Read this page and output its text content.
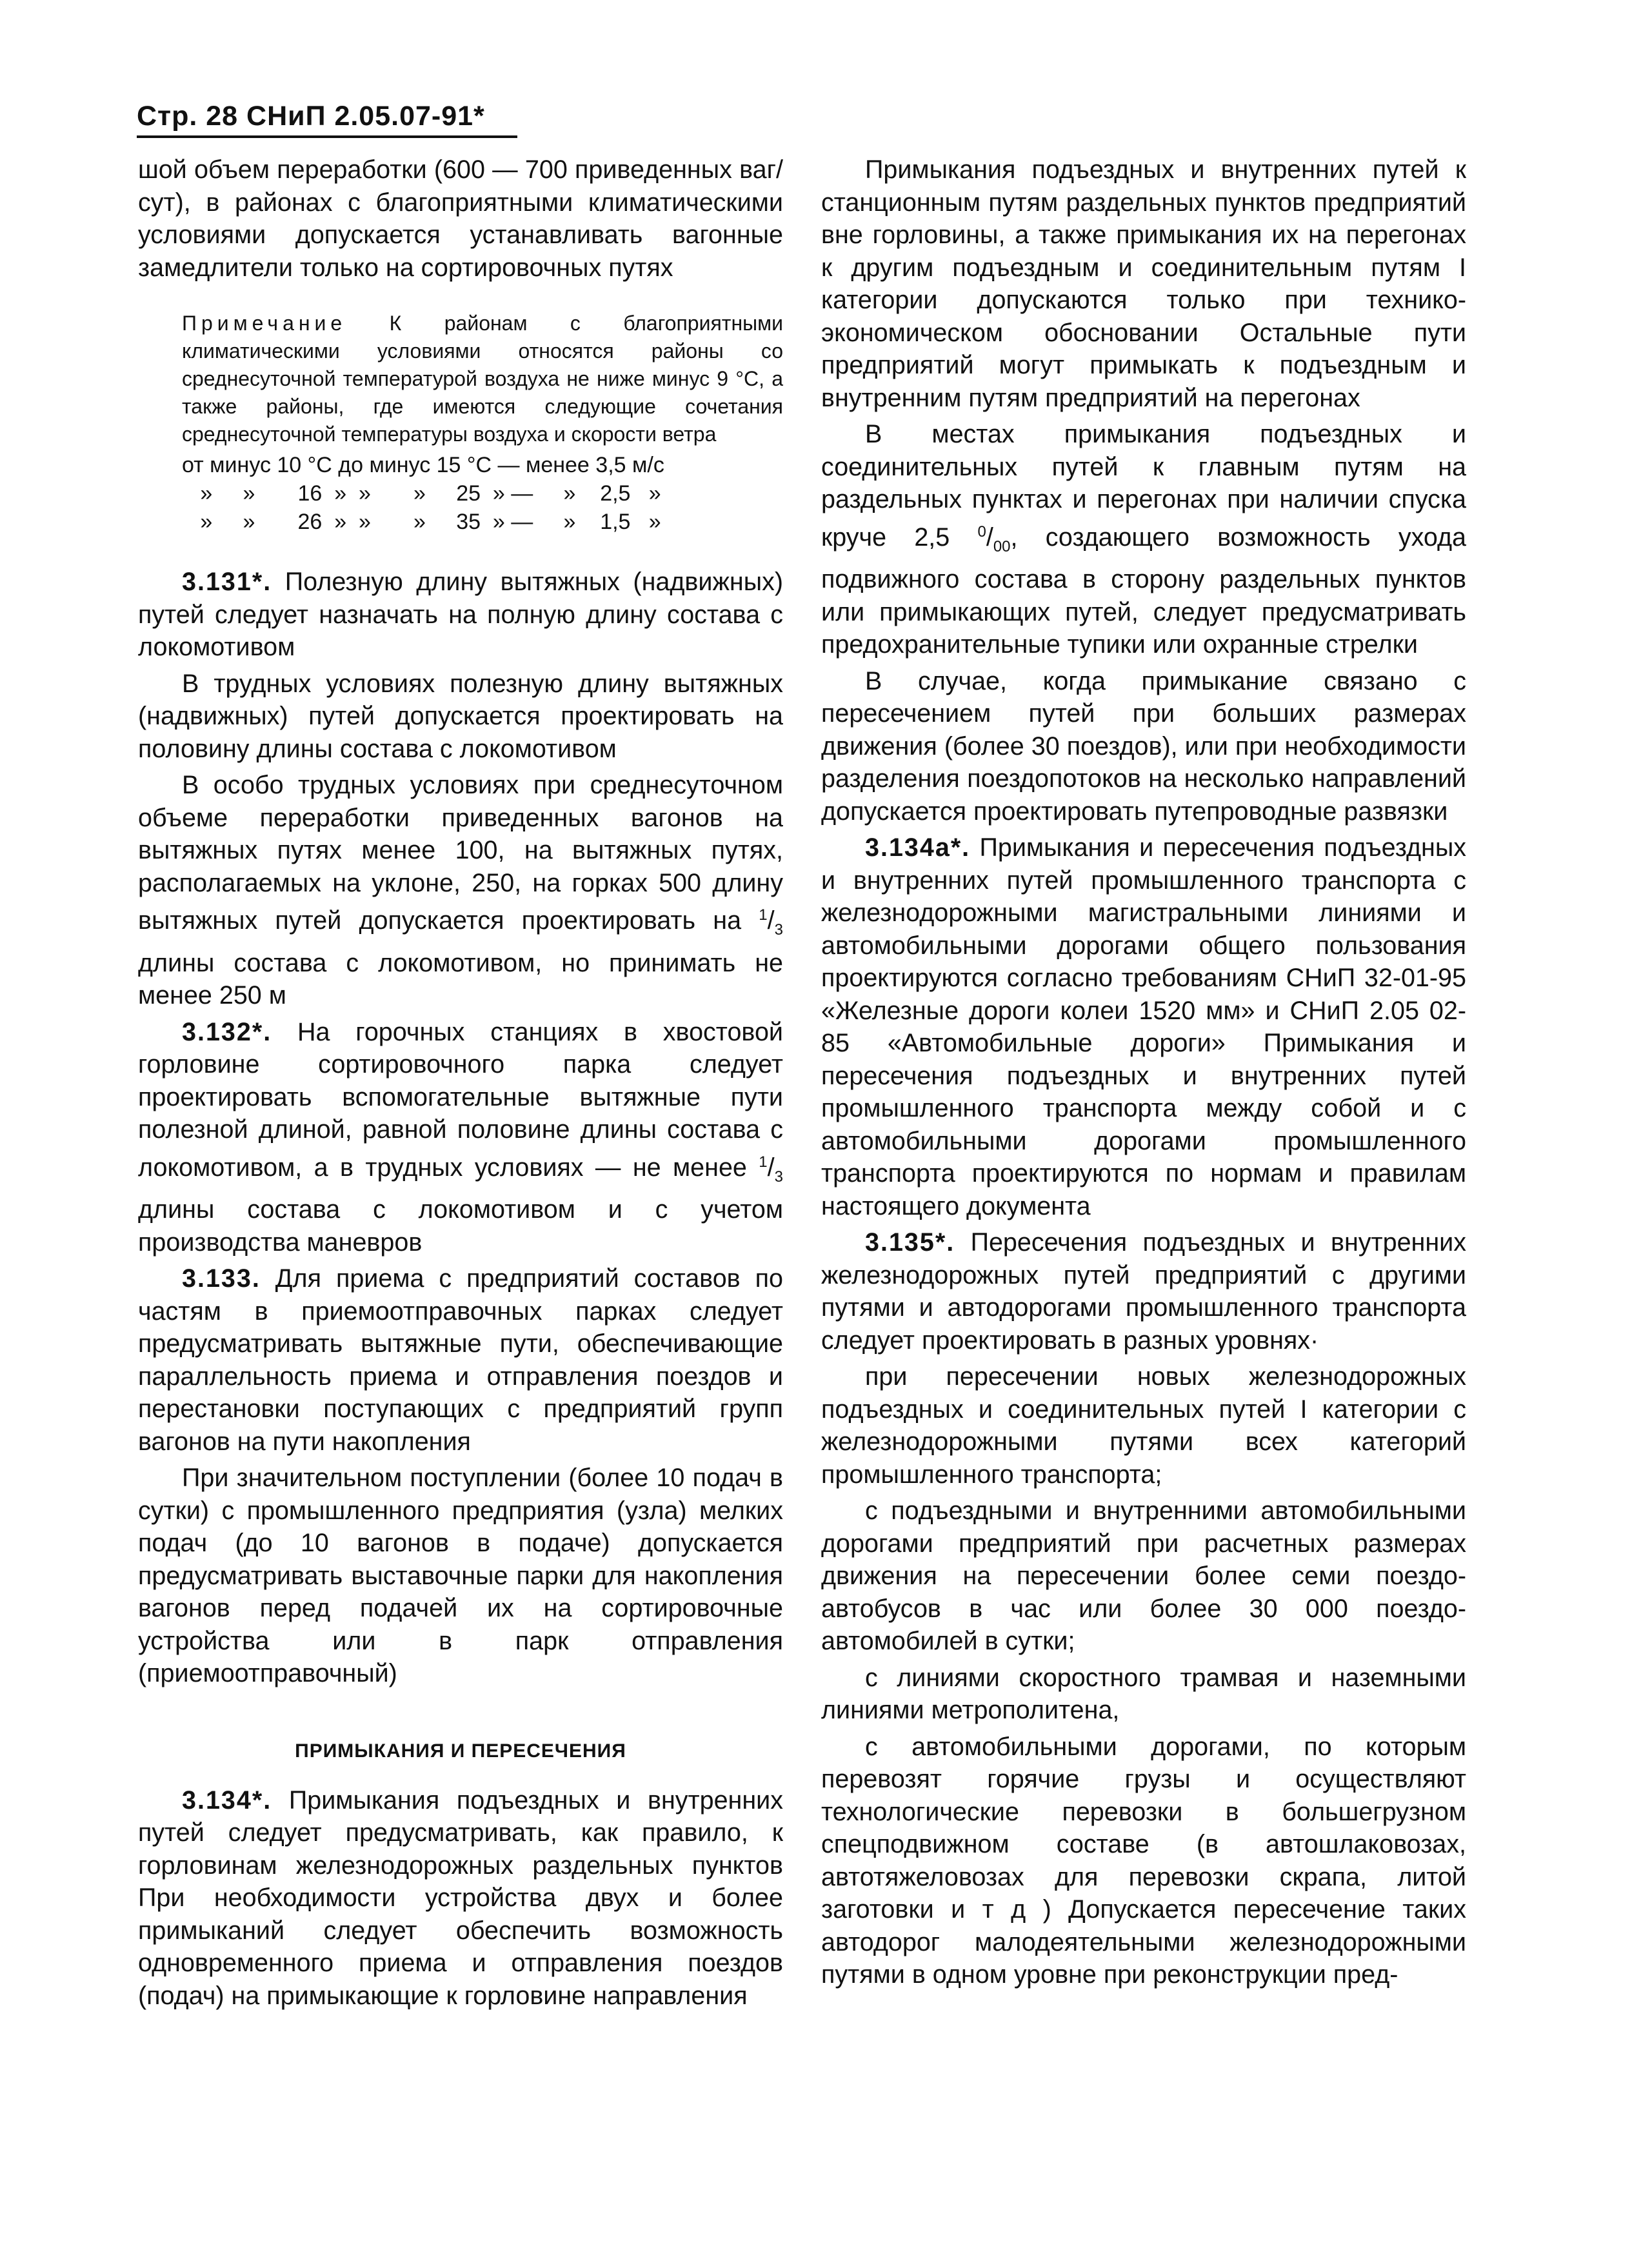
Стр. 28 СНиП 2.05.07-91*

шой объем переработки (600 — 700 приведенных ваг/сут), в районах с благоприятными климатическими условиями допускается устанавливать вагонные замедлители только на сортировочных путях

Примечание К районам с благоприятными климатическими условиями относятся районы со среднесуточной температурой воздуха не ниже минус 9 °С, а также районы, где имеются следующие сочетания среднесуточной температуры воздуха и скорости ветра
от минус 10 °С до минус 15 °С — менее 3,5 м/с
»     »       16  »  »       »     25  » —     »    2,5   »
»     »       26  »  »       »     35  » —     »    1,5   »

3.131*. Полезную длину вытяжных (надвижных) путей следует назначать на полную длину состава с локомотивом

В трудных условиях полезную длину вытяжных (надвижных) путей допускается проектировать на половину длины состава с локомотивом

В особо трудных условиях при среднесуточном объеме переработки приведенных вагонов на вытяжных путях менее 100, на вытяжных путях, располагаемых на уклоне, 250, на горках 500 длину вытяжных путей допускается проектировать на $^1/_3$ длины состава с локомотивом, но принимать не менее 250 м

3.132*. На горочных станциях в хвостовой горловине сортировочного парка следует проектировать вспомогательные вытяжные пути полезной длиной, равной половине длины состава с локомотивом, а в трудных условиях — не менее $^1/_3$ длины состава с локомотивом и с учетом производства маневров

3.133. Для приема с предприятий составов по частям в приемоотправочных парках следует предусматривать вытяжные пути, обеспечивающие параллельность приема и отправления поездов и перестановки поступающих с предприятий групп вагонов на пути накопления

При значительном поступлении (более 10 подач в сутки) с промышленного предприятия (узла) мелких подач (до 10 вагонов в подаче) допускается предусматривать выставочные парки для накопления вагонов перед подачей их на сортировочные устройства или в парк отправления (приемоотправочный)

ПРИМЫКАНИЯ И ПЕРЕСЕЧЕНИЯ

3.134*. Примыкания подъездных и внутренних путей следует предусматривать, как правило, к горловинам железнодорожных раздельных пунктов При необходимости устройства двух и более примыканий следует обеспечить возможность одновременного приема и отправления поездов (подач) на примыкающие к горловине направления

Примыкания подъездных и внутренних путей к станционным путям раздельных пунктов предприятий вне горловины, а также примыкания их на перегонах к другим подъездным и соединительным путям I категории допускаются только при технико-экономическом обосновании Остальные пути предприятий могут примыкать к подъездным и внутренним путям предприятий на перегонах

В местах примыкания подъездных и соединительных путей к главным путям на раздельных пунктах и перегонах при наличии спуска круче 2,5 $^0/_{00}$, создающего возможность ухода подвижного состава в сторону раздельных пунктов или примыкающих путей, следует предусматривать предохранительные тупики или охранные стрелки

В случае, когда примыкание связано с пересечением путей при больших размерах движения (более 30 поездов), или при необходимости разделения поездопотоков на несколько направлений допускается проектировать путепроводные развязки

3.134а*. Примыкания и пересечения подъездных и внутренних путей промышленного транспорта с железнодорожными магистральными линиями и автомобильными дорогами общего пользования проектируются согласно требованиям СНиП 32-01-95 «Железные дороги колеи 1520 мм» и СНиП 2.05 02-85 «Автомобильные дороги» Примыкания и пересечения подъездных и внутренних путей промышленного транспорта между собой и с автомобильными дорогами промышленного транспорта проектируются по нормам и правилам настоящего документа

3.135*. Пересечения подъездных и внутренних железнодорожных путей предприятий с другими путями и автодорогами промышленного транспорта следует проектировать в разных уровнях·

при пересечении новых железнодорожных подъездных и соединительных путей I категории с железнодорожными путями всех категорий промышленного транспорта;

с подъездными и внутренними автомобильными дорогами предприятий при расчетных размерах движения на пересечении более семи поездо-автобусов в час или более 30 000 поездо-автомобилей в сутки;

с линиями скоростного трамвая и наземными линиями метрополитена,

с автомобильными дорогами, по которым перевозят горячие грузы и осуществляют технологические перевозки в большегрузном спецподвижном составе (в автошлаковозах, автотяжеловозах для перевозки скрапа, литой заготовки и т д ) Допускается пересечение таких автодорог малодеятельными железнодорожными путями в одном уровне при реконструкции пред-
